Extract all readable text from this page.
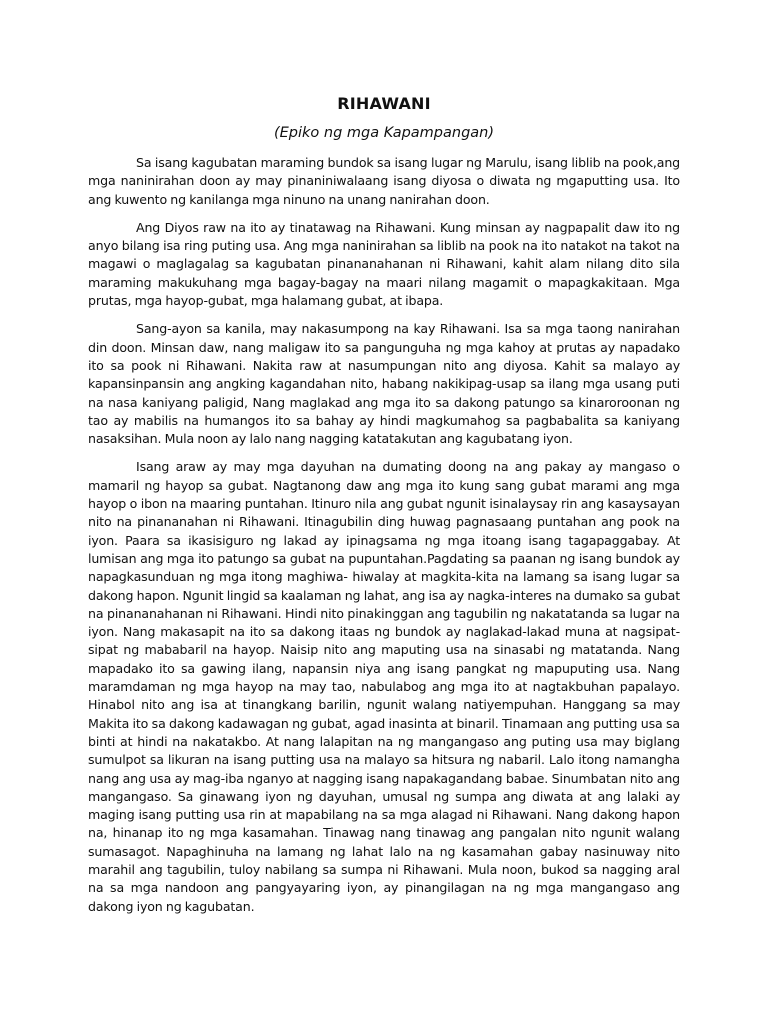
RIHAWANI
(Epiko ng mga Kapampangan)

Sa isang kagubatan maraming bundok sa isang lugar ng Marulu, isang liblib na pook,ang mga naninirahan doon ay may pinaniniwalaang isang diyosa o diwata ng mgaputting usa. Ito ang kuwento ng kanilanga mga ninuno na unang nanirahan doon.

Ang Diyos raw na ito ay tinatawag na Rihawani. Kung minsan ay nagpapalit daw ito ng anyo bilang isa ring puting usa. Ang mga naninirahan sa liblib na pook na ito natakot na takot na magawi o maglagalag sa kagubatan pinananahanan ni Rihawani, kahit alam nilang dito sila maraming makukuhang mga bagay-bagay na maari nilang magamit o mapagkakitaan. Mga prutas, mga hayop-gubat, mga halamang gubat, at ibapa.

Sang-ayon sa kanila, may nakasumpong na kay Rihawani. Isa sa mga taong nanirahan din doon. Minsan daw, nang maligaw ito sa pangunguha ng mga kahoy at prutas ay napadako ito sa pook ni Rihawani. Nakita raw at nasumpungan nito ang diyosa. Kahit sa malayo ay kapansinpansin ang angking kagandahan nito, habang nakikipag-usap sa ilang mga usang puti na nasa kaniyang paligid, Nang maglakad ang mga ito sa dakong patungo sa kinaroroonan ng tao ay mabilis na humangos ito sa bahay ay hindi magkumahog sa pagbabalita sa kaniyang nasaksihan. Mula noon ay lalo nang nagging katatakutan ang kagubatang iyon.

Isang araw ay may mga dayuhan na dumating doong na ang pakay ay mangaso o mamaril ng hayop sa gubat. Nagtanong daw ang mga ito kung sang gubat marami ang mga hayop o ibon na maaring puntahan. Itinuro nila ang gubat ngunit isinalaysay rin ang kasaysayan nito na pinananahan ni Rihawani. Itinagubilin ding huwag pagnasaang puntahan ang pook na iyon. Paara sa ikasisiguro ng lakad ay ipinagsama ng mga itoang isang tagapaggabay. At lumisan ang mga ito patungo sa gubat na pupuntahan.Pagdating sa paanan ng isang bundok ay napagkasunduan ng mga itong maghiwa- hiwalay at magkita-kita na lamang sa isang lugar sa dakong hapon. Ngunit lingid sa kaalaman ng lahat, ang isa ay nagka-interes na dumako sa gubat na pinananahanan ni Rihawani. Hindi nito pinakinggan ang tagubilin ng nakatatanda sa lugar na iyon. Nang makasapit na ito sa dakong itaas ng bundok ay naglakad-lakad muna at nagsipat-sipat ng mababaril na hayop. Naisip nito ang maputing usa na sinasabi ng matatanda. Nang mapadako ito sa gawing ilang, napansin niya ang isang pangkat ng mapuputing usa. Nang maramdaman ng mga hayop na may tao, nabulabog ang mga ito at nagtakbuhan papalayo. Hinabol nito ang isa at tinangkang barilin, ngunit walang natiyempuhan. Hanggang sa may Makita ito sa dakong kadawagan ng gubat, agad inasinta at binaril. Tinamaan ang putting usa sa binti at hindi na nakatakbo. At nang lalapitan na ng mangangaso ang puting usa may biglang sumulpot sa likuran na isang putting usa na malayo sa hitsura ng nabaril. Lalo itong namangha nang ang usa ay mag-iba nganyo at nagging isang napakagandang babae. Sinumbatan nito ang mangangaso. Sa ginawang iyon ng dayuhan, umusal ng sumpa ang diwata at ang lalaki ay maging isang putting usa rin at mapabilang na sa mga alagad ni Rihawani. Nang dakong hapon na, hinanap ito ng mga kasamahan. Tinawag nang tinawag ang pangalan nito ngunit walang sumasagot. Napaghinuha na lamang ng lahat lalo na ng kasamahan gabay nasinuway nito marahil ang tagubilin, tuloy nabilang sa sumpa ni Rihawani. Mula noon, bukod sa nagging aral na sa mga nandoon ang pangyayaring iyon, ay pinangilagan na ng mga mangangaso ang dakong iyon ng kagubatan.
